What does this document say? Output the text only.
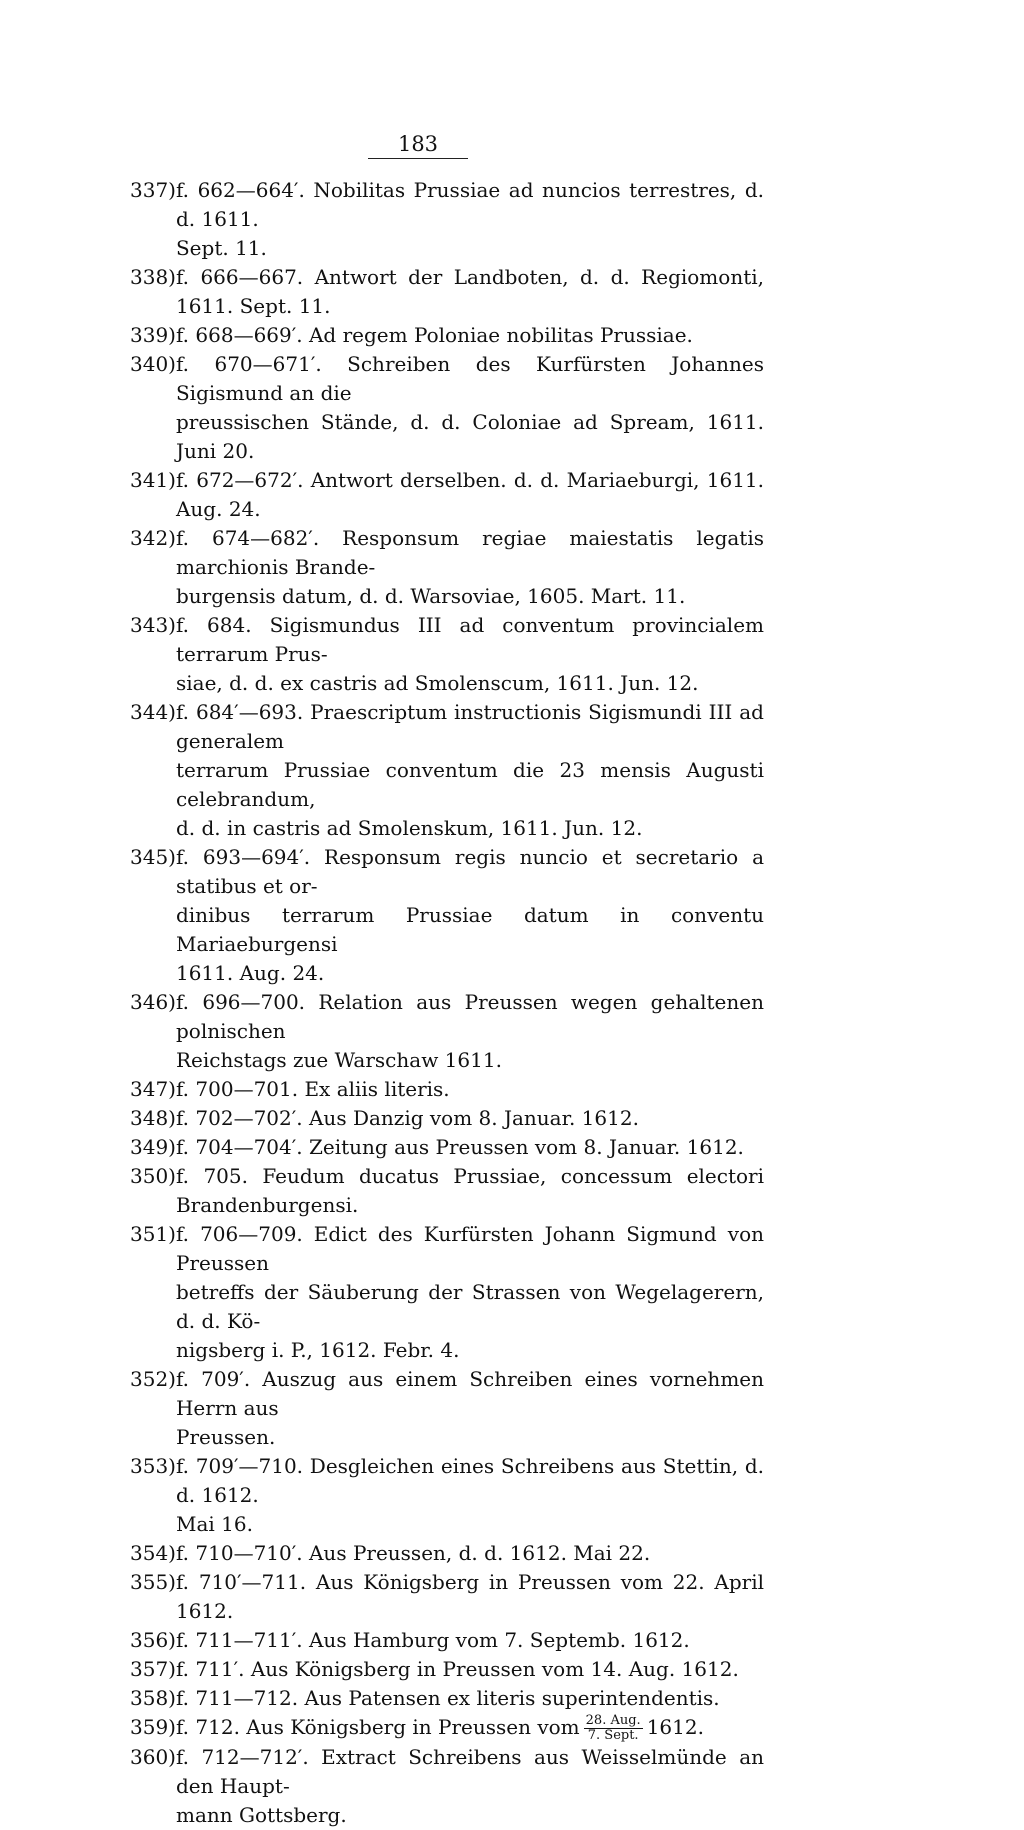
183
337) f. 662—664′. Nobilitas Prussiae ad nuncios terrestres, d. d. 1611.
Sept. 11.
338) f. 666—667. Antwort der Landboten, d. d. Regiomonti, 1611. Sept. 11.
339) f. 668—669′. Ad regem Poloniae nobilitas Prussiae.
340) f. 670—671′. Schreiben des Kurfürsten Johannes Sigismund an die
preussischen Stände, d. d. Coloniae ad Spream, 1611. Juni 20.
341) f. 672—672′. Antwort derselben. d. d. Mariaeburgi, 1611. Aug. 24.
342) f. 674—682′. Responsum regiae maiestatis legatis marchionis Brande-
burgensis datum, d. d. Warsoviae, 1605. Mart. 11.
343) f. 684. Sigismundus III ad conventum provincialem terrarum Prus-
siae, d. d. ex castris ad Smolenscum, 1611. Jun. 12.
344) f. 684′—693. Praescriptum instructionis Sigismundi III ad generalem
terrarum Prussiae conventum die 23 mensis Augusti celebrandum,
d. d. in castris ad Smolenskum, 1611. Jun. 12.
345) f. 693—694′. Responsum regis nuncio et secretario a statibus et or-
dinibus terrarum Prussiae datum in conventu Mariaeburgensi
1611. Aug. 24.
346) f. 696—700. Relation aus Preussen wegen gehaltenen polnischen
Reichstags zue Warschaw 1611.
347) f. 700—701. Ex aliis literis.
348) f. 702—702′. Aus Danzig vom 8. Januar. 1612.
349) f. 704—704′. Zeitung aus Preussen vom 8. Januar. 1612.
350) f. 705. Feudum ducatus Prussiae, concessum electori Brandenburgensi.
351) f. 706—709. Edict des Kurfürsten Johann Sigmund von Preussen
betreffs der Säuberung der Strassen von Wegelagerern, d. d. Kö-
nigsberg i. P., 1612. Febr. 4.
352) f. 709′. Auszug aus einem Schreiben eines vornehmen Herrn aus
Preussen.
353) f. 709′—710. Desgleichen eines Schreibens aus Stettin, d. d. 1612.
Mai 16.
354) f. 710—710′. Aus Preussen, d. d. 1612. Mai 22.
355) f. 710′—711. Aus Königsberg in Preussen vom 22. April 1612.
356) f. 711—711′. Aus Hamburg vom 7. Septemb. 1612.
357) f. 711′. Aus Königsberg in Preussen vom 14. Aug. 1612.
358) f. 711—712. Aus Patensen ex literis superintendentis.
359) f. 712. Aus Königsberg in Preussen vom $\frac{\text{28. Aug.}}{\text{7. Sept.}} 1612$.
360) f. 712—712′. Extract Schreibens aus Weisselmünde an den Haupt-
mann Gottsberg.
